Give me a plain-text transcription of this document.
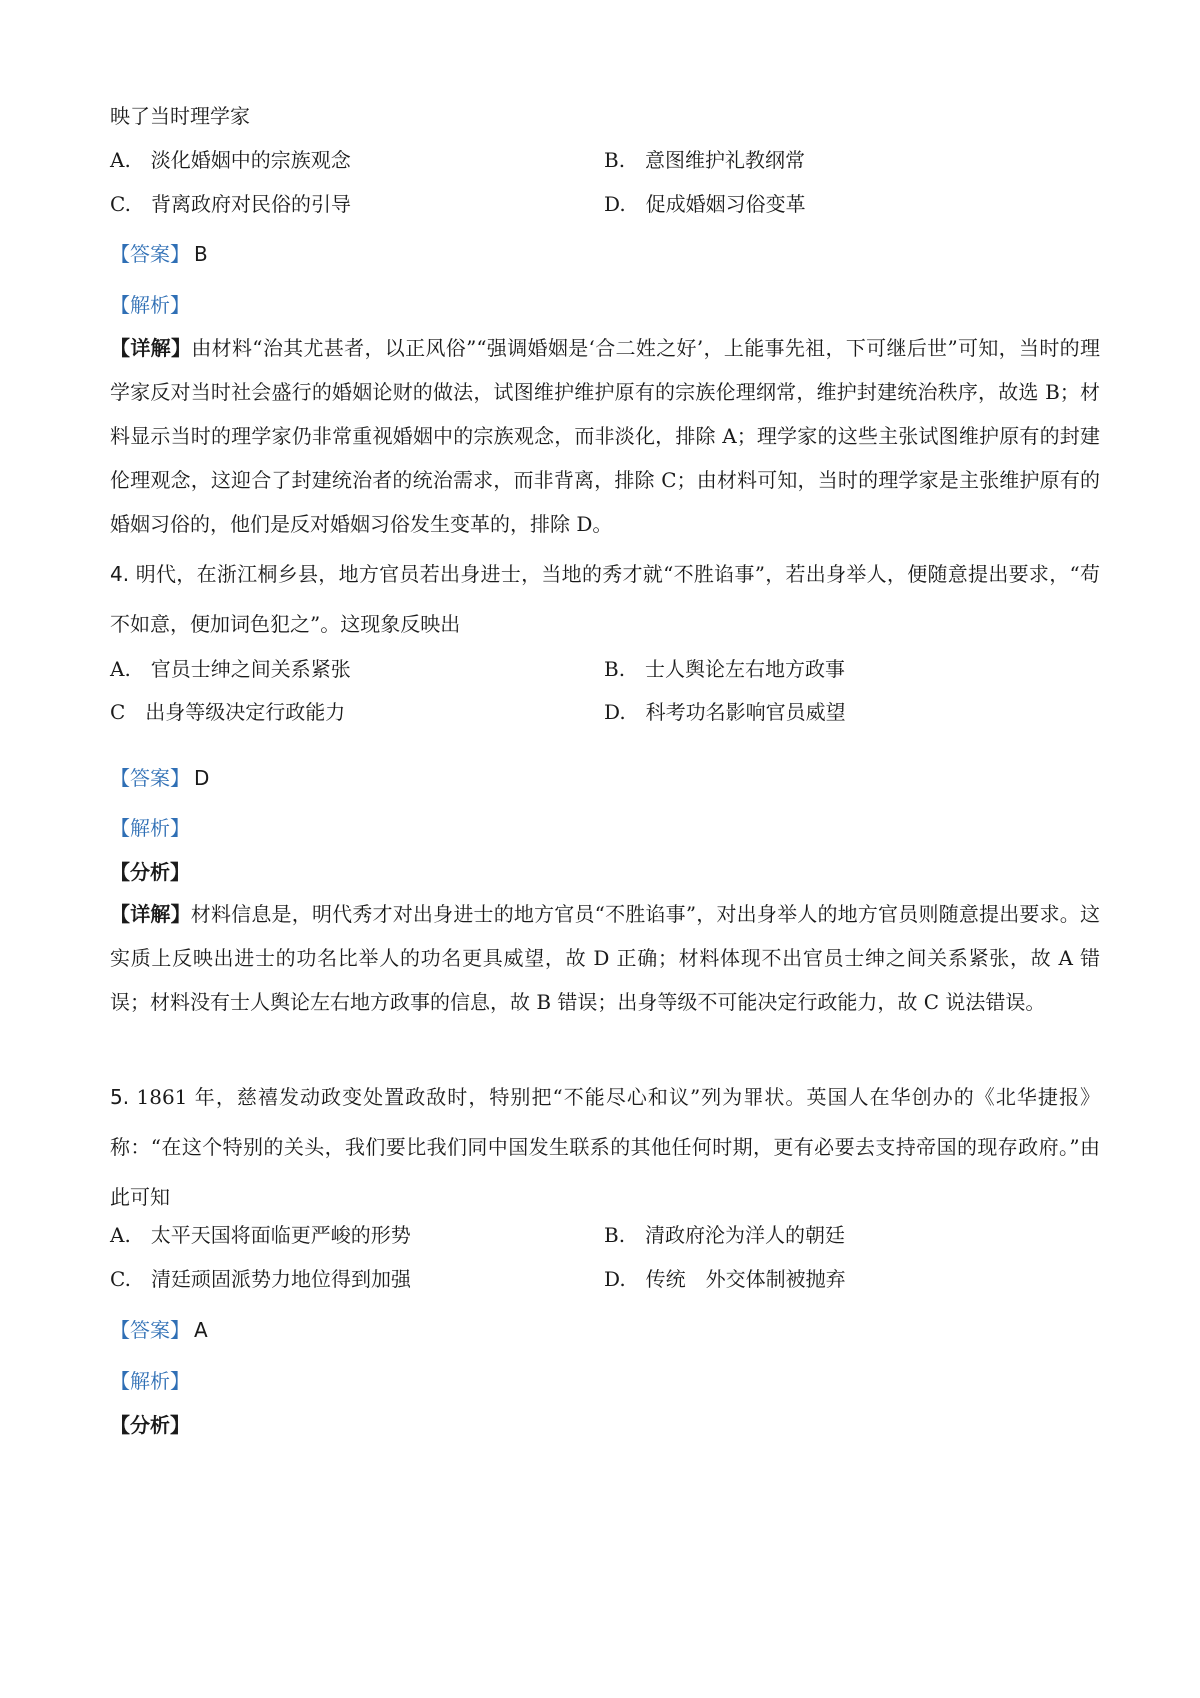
映了当时理学家
A.　淡化婚姻中的宗族观念	B.　意图维护礼教纲常
C.　背离政府对民俗的引导	D.　促成婚姻习俗变革
【答案】 B
【解析】
【详解】由材料“治其尤甚者，以正风俗”“强调婚姻是‘合二姓之好’，上能事先祖，下可继后世”可知，当时的理学家反对当时社会盛行的婚姻论财的做法，试图维护维护原有的宗族伦理纲常，维护封建统治秩序，故选 B；材料显示当时的理学家仍非常重视婚姻中的宗族观念，而非淡化，排除 A；理学家的这些主张试图维护原有的封建伦理观念，这迎合了封建统治者的统治需求，而非背离，排除 C；由材料可知，当时的理学家是主张维护原有的婚姻习俗的，他们是反对婚姻习俗发生变革的，排除 D。
4. 明代，在浙江桐乡县，地方官员若出身进士，当地的秀才就“不胜谄事”，若出身举人，便随意提出要求，“苟不如意，便加词色犯之”。这现象反映出
A.　官员士绅之间关系紧张	B.　士人舆论左右地方政事
C　出身等级决定行政能力	D.　科考功名影响官员威望
【答案】 D
【解析】
【分析】
【详解】材料信息是，明代秀才对出身进士的地方官员“不胜谄事”，对出身举人的地方官员则随意提出要求。这实质上反映出进士的功名比举人的功名更具威望，故 D 正确；材料体现不出官员士绅之间关系紧张，故 A 错误；材料没有士人舆论左右地方政事的信息，故 B 错误；出身等级不可能决定行政能力，故 C 说法错误。
5. 1861 年，慈禧发动政变处置政敌时，特别把“不能尽心和议”列为罪状。英国人在华创办的《北华捷报》称：“在这个特别的关头，我们要比我们同中国发生联系的其他任何时期，更有必要去支持帝国的现存政府。”由此可知
A.　太平天国将面临更严峻的形势	B.　清政府沦为洋人的朝廷
C.　清廷顽固派势力地位得到加强	D.　传统　外交体制被抛弃
【答案】 A
【解析】
【分析】
